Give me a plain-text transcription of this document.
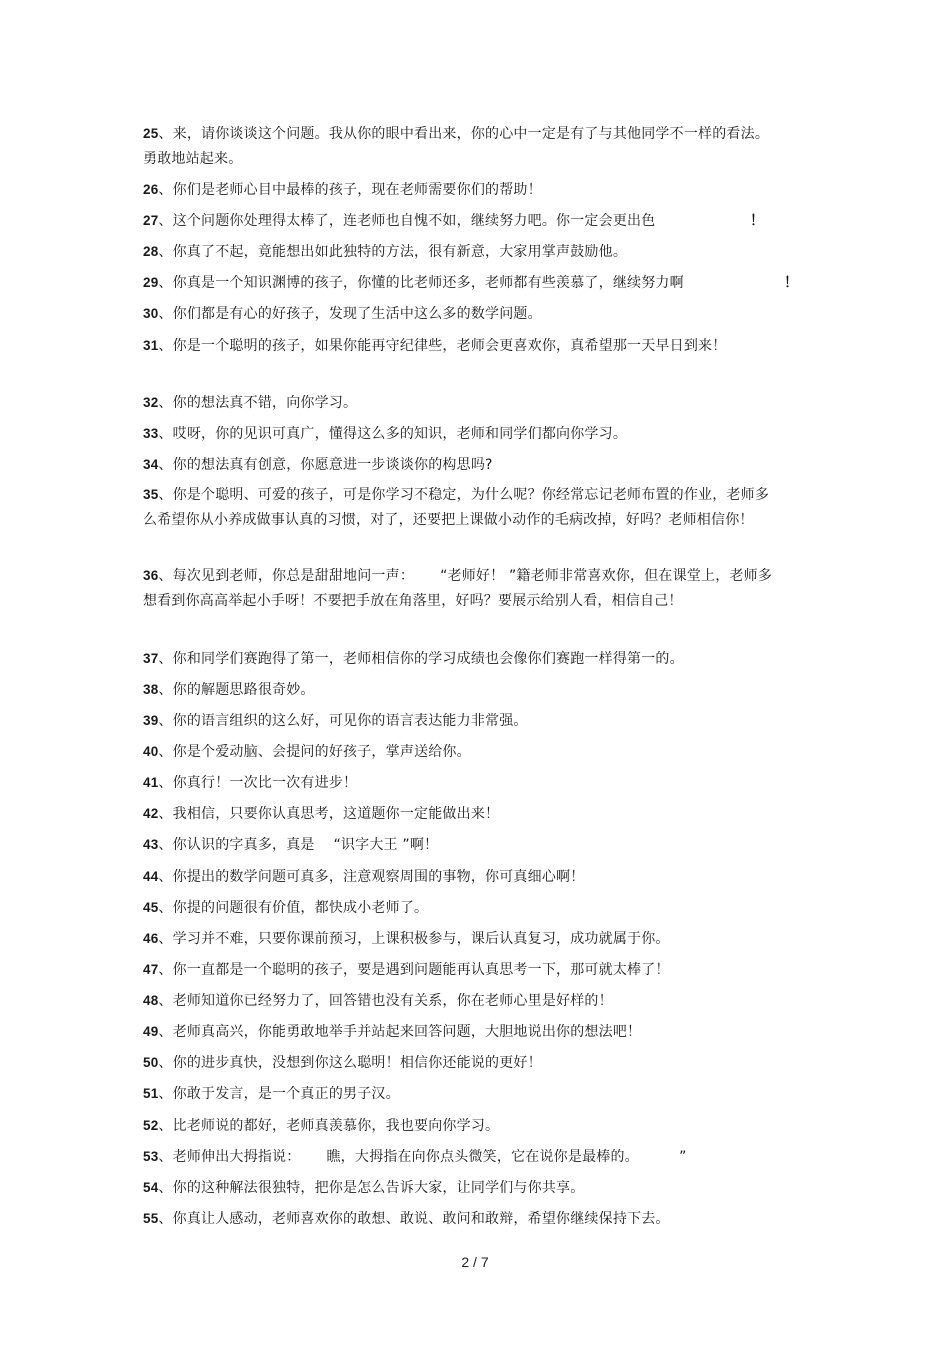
25、来，请你谈谈这个问题。我从你的眼中看出来，你的心中一定是有了与其他同学不一样的看法。勇敢地站起来。
26、你们是老师心目中最棒的孩子，现在老师需要你们的帮助！
27、这个问题你处理得太棒了，连老师也自愧不如，继续努力吧。你一定会更出色	！
28、你真了不起，竟能想出如此独特的方法，很有新意，大家用掌声鼓励他。
29、你真是一个知识渊博的孩子，你懂的比老师还多，老师都有些羡慕了，继续努力啊	！
30、你们都是有心的好孩子，发现了生活中这么多的数学问题。
31、你是一个聪明的孩子，如果你能再守纪律些，老师会更喜欢你，真希望那一天早日到来！
32、你的想法真不错，向你学习。
33、哎呀，你的见识可真广，懂得这么多的知识，老师和同学们都向你学习。
34、你的想法真有创意，你愿意进一步谈谈你的构思吗?
35、你是个聪明、可爱的孩子，可是你学习不稳定，为什么呢？你经常忘记老师布置的作业，老师多么希望你从小养成做事认真的习惯，对了，还要把上课做小动作的毛病改掉，好吗？老师相信你！
36、每次见到老师，你总是甜甜地问一声：　　 “老师好！ ”籍老师非常喜欢你，但在课堂上，老师多想看到你高高举起小手呀！不要把手放在角落里，好吗？要展示给别人看，相信自己！
37、你和同学们赛跑得了第一，老师相信你的学习成绩也会像你们赛跑一样得第一的。
38、你的解题思路很奇妙。
39、你的语言组织的这么好，可见你的语言表达能力非常强。
40、你是个爱动脑、会提问的好孩子，掌声送给你。
41、你真行！一次比一次有进步！
42、我相信，只要你认真思考，这道题你一定能做出来！
43、你认识的字真多，真是　 “识字大王 ”啊！
44、你提出的数学问题可真多，注意观察周围的事物，你可真细心啊！
45、你提的问题很有价值，都快成小老师了。
46、学习并不难，只要你课前预习，上课积极参与，课后认真复习，成功就属于你。
47、你一直都是一个聪明的孩子，要是遇到问题能再认真思考一下，那可就太棒了！
48、老师知道你已经努力了，回答错也没有关系，你在老师心里是好样的！
49、老师真高兴，你能勇敢地举手并站起来回答问题，大胆地说出你的想法吧！
50、你的进步真快，没想到你这么聪明！相信你还能说的更好！
51、你敢于发言，是一个真正的男子汉。
52、比老师说的都好，老师真羡慕你，我也要向你学习。
53、老师伸出大拇指说：　　 瞧，大拇指在向你点头微笑，它在说你是最棒的。　　　 ”
54、你的这种解法很独特，把你是怎么告诉大家，让同学们与你共享。
55、你真让人感动，老师喜欢你的敢想、敢说、敢问和敢辩，希望你继续保持下去。
2 / 7
